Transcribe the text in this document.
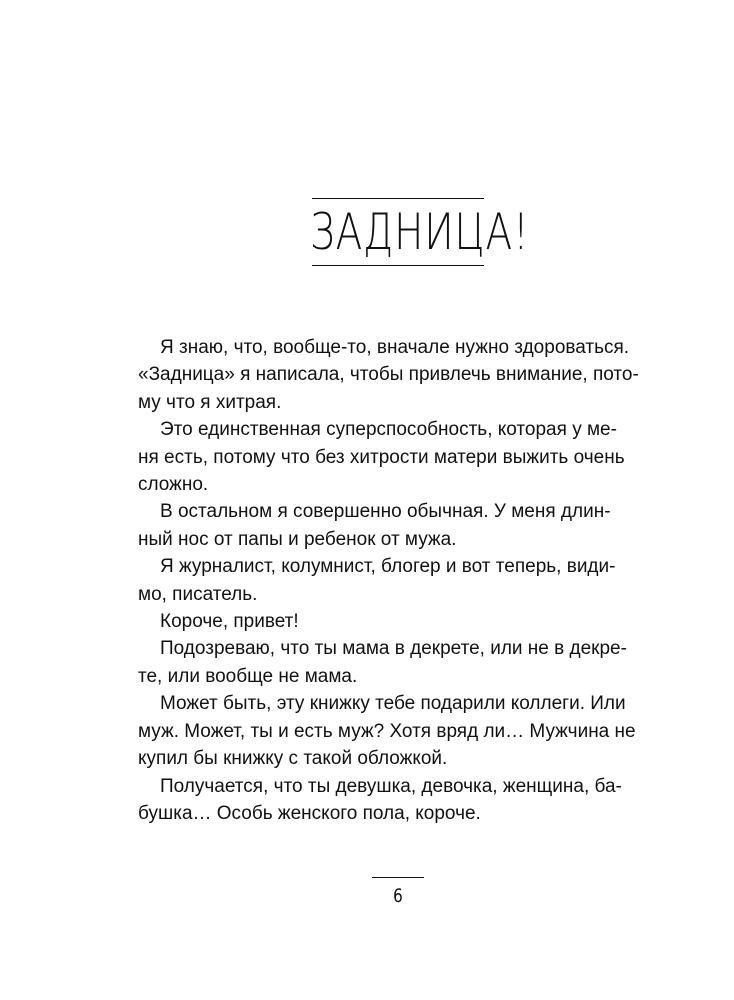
ЗАДНИЦА!

Я знаю, что, вообще-то, вначале нужно здороваться.

«Задница» я написала, чтобы привлечь внимание, пото-

му что я хитрая.

Это единственная суперспособность, которая у ме-

ня есть, потому что без хитрости матери выжить очень

сложно.

В остальном я совершенно обычная. У меня длин-

ный нос от папы и ребенок от мужа.

Я журналист, колумнист, блогер и вот теперь, види-

мо, писатель.

Короче, привет!

Подозреваю, что ты мама в декрете, или не в декре-

те, или вообще не мама.

Может быть, эту книжку тебе подарили коллеги. Или

муж. Может, ты и есть муж? Хотя вряд ли… Мужчина не

купил бы книжку с такой обложкой.

Получается, что ты девушка, девочка, женщина, ба-

бушка… Особь женского пола, короче.

6
